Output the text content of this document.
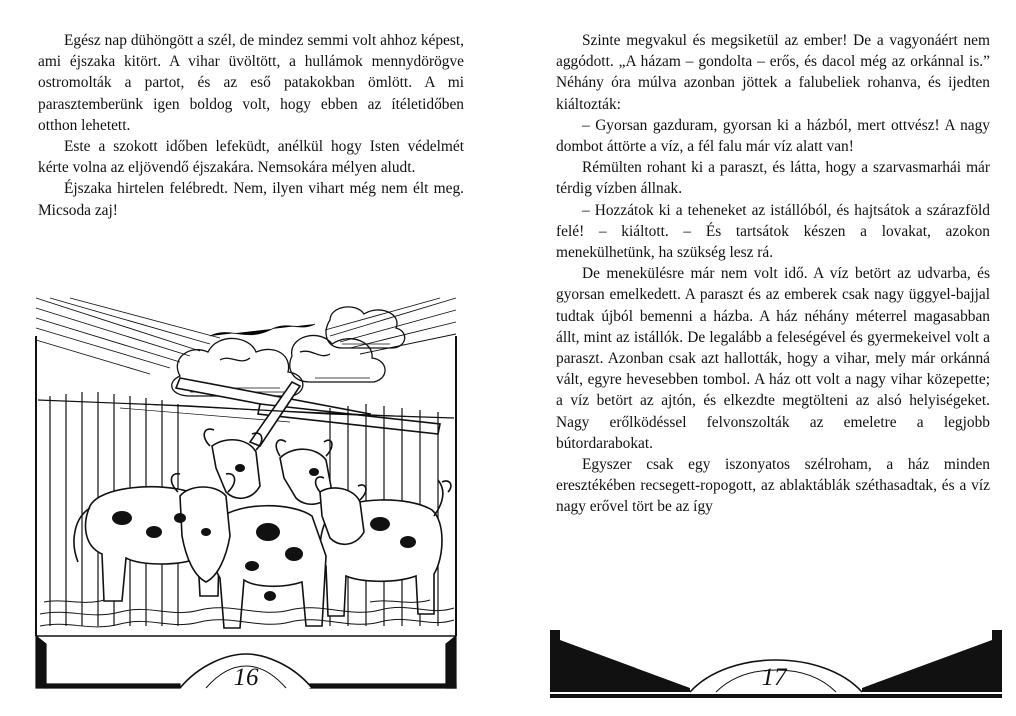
Egész nap dühöngött a szél, de mindez semmi volt ahhoz képest, ami éjszaka kitört. A vihar üvöltött, a hullámok mennydörögve ostromolták a partot, és az eső patakokban ömlött. A mi parasztemberünk igen boldog volt, hogy ebben az ítéletidőben otthon lehetett.

Este a szokott időben lefeküdt, anélkül hogy Isten védelmét kérte volna az eljövendő éjszakára. Nemsokára mélyen aludt.

Éjszaka hirtelen felébredt. Nem, ilyen vihart még nem élt meg. Micsoda zaj!

16

Szinte megvakul és megsiketül az ember! De a vagyonáért nem aggódott. „A házam – gondolta – erős, és dacol még az orkánnal is.” Néhány óra múlva azonban jöttek a falubeliek rohanva, és ijedten kiáltozták:

– Gyorsan gazduram, gyorsan ki a házból, mert ottvész! A nagy dombot áttörte a víz, a fél falu már víz alatt van!

Rémülten rohant ki a paraszt, és látta, hogy a szarvasmarhái már térdig vízben állnak.

– Hozzátok ki a teheneket az istállóból, és hajtsátok a szárazföld felé! – kiáltott. – És tartsátok készen a lovakat, azokon menekülhetünk, ha szükség lesz rá.

De menekülésre már nem volt idő. A víz betört az udvarba, és gyorsan emelkedett. A paraszt és az emberek csak nagy üggyel-bajjal tudtak újból bemenni a házba. A ház néhány méterrel magasabban állt, mint az istállók. De legalább a feleségével és gyermekeivel volt a paraszt. Azonban csak azt hallották, hogy a vihar, mely már orkánná vált, egyre hevesebben tombol. A ház ott volt a nagy vihar közepette; a víz betört az ajtón, és elkezdte megtölteni az alsó helyiségeket. Nagy erőlködéssel felvonszolták az emeletre a legjobb bútordarabokat.

Egyszer csak egy iszonyatos szélroham, a ház minden eresztékében recsegett-ropogott, az ablaktáblák széthasadtak, és a víz nagy erővel tört be az így

17
